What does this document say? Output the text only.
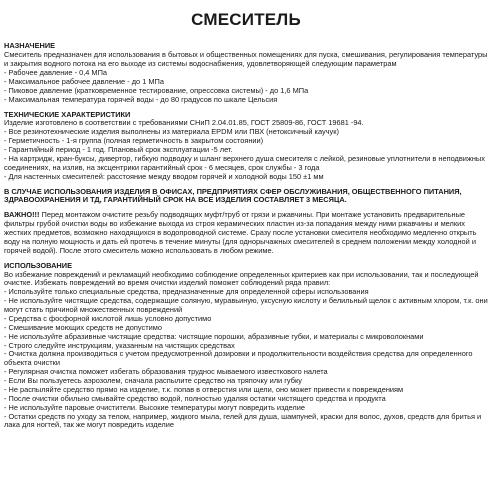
СМЕСИТЕЛЬ

НАЗНАЧЕНИЕ

Смеситель предназначен для использования в бытовых и общественных помещениях для пуска, смешивания, регулирования температуры и закрытия водного потока на его выходе из системы водоснабжения, удовлетворяющей следующим параметрам

- Рабочее давление - 0,4 МПа

- Максимальное рабочее давление - до 1 МПа

- Пиковое давление (кратковременное тестирование, опрессовка системы) - до 1,6 МПа

- Максимальная температура горячей воды - до 80 градусов по шкале Цельсия

ТЕХНИЧЕСКИЕ ХАРАКТЕРИСТИКИ

Изделие изготовлено в соответствии с требованиями СНиП 2.04.01.85, ГОСТ 25809-86, ГОСТ 19681 -94.

- Все резинотехнические изделия выполнены из материала EPDM или ПВХ (нетоксичный каучук)

- Герметичность - 1-я группа (полная герметичность в закрытом состоянии)

- Гарантийный период - 1 год. Плановый срок эксплуатации -5 лет.

- На картридж, кран-буксы, дивертор, гибкую подводку и шланг верхнего душа смесителя с лейкой, резиновые уплотнители в неподвижных соединениях, на излив, на эксцентрики гарантийный срок - 6 месяцев, срок службы - 3 года

- Для настенных смесителей: расстояние между вводом горячей и холодной воды 150 ±1 мм

В СЛУЧАЕ ИСПОЛЬЗОВАНИЯ ИЗДЕЛИЯ В ОФИСАХ, ПРЕДПРИЯТИЯХ СФЕР ОБСЛУЖИВАНИЯ, ОБЩЕСТВЕННОГО ПИТАНИЯ, ЗДРАВООХРАНЕНИЯ И ТД, ГАРАНТИЙНЫЙ СРОК НА ВСЕ ИЗДЕЛИЯ СОСТАВЛЯЕТ 3 МЕСЯЦА.

ВАЖНО!!! Перед монтажом очистите резьбу подводящих муфт/труб от грязи и ржавчины. При монтаже установить предварительные фильтры грубой очистки воды во избежание выхода из строя керамических пластин из-за попадания между ними ржавчины и мелких жестких предметов, возможно находящихся в водопроводной системе. Сразу после установки смесителя необходимо медленно открыть воду на полную мощность и дать ей протечь в течение минуты (для однорычажных смесителей в среднем положении между холодной и горячей водой). После этого смеситель можно использовать в любом режиме.

ИСПОЛЬЗОВАНИЕ

Во избежание повреждений и рекламаций необходимо соблюдение определенных критериев как при использовании, так и последующей очистке. Избежать повреждений во время очистки изделий поможет соблюдений ряда правил:

- Используйте только специальные средства, предназначенные для определенной сферы использования

- Не используйте чистящие средства, содержащие соляную, муравьиную, уксусную кислоту и белильный щелок с активным хлором, т.к. они могут стать причиной множественных повреждений

- Средства с фосфорной кислотой лишь условно допустимо

- Смешивание моющих средств не допустимо

- Не используйте абразивные чистящие средства: чистящие порошки, абразивные губки, и материалы с микроволокнами

- Строго следуйте инструкциям, указанным на чистящих средствах

- Очистка должна производиться с учетом предусмотренной дозировки и продолжительности воздействия средства для определенного объекта очистки

- Регулярная очистка поможет избегать образования труднос мываемого известкового налета

- Если Вы пользуетесь аэрозолем, сначала распылите средство на тряпочку или губку

- Не распыляйте средство прямо на изделие, т.к. попав в отверстия или щели, оно может привести к повреждениям

- После очистки обильно смывайте средство водой, полностью удаляя остатки чистящего средства и продукта

- Не используйте паровые очистители. Высокие температуры могут повредить изделие

- Остатки средств по уходу за телом, например, жидкого мыла, гелей для душа, шампуней, краски для волос, духов, средств для бритья и лака для ногтей, так же могут повредить изделие
